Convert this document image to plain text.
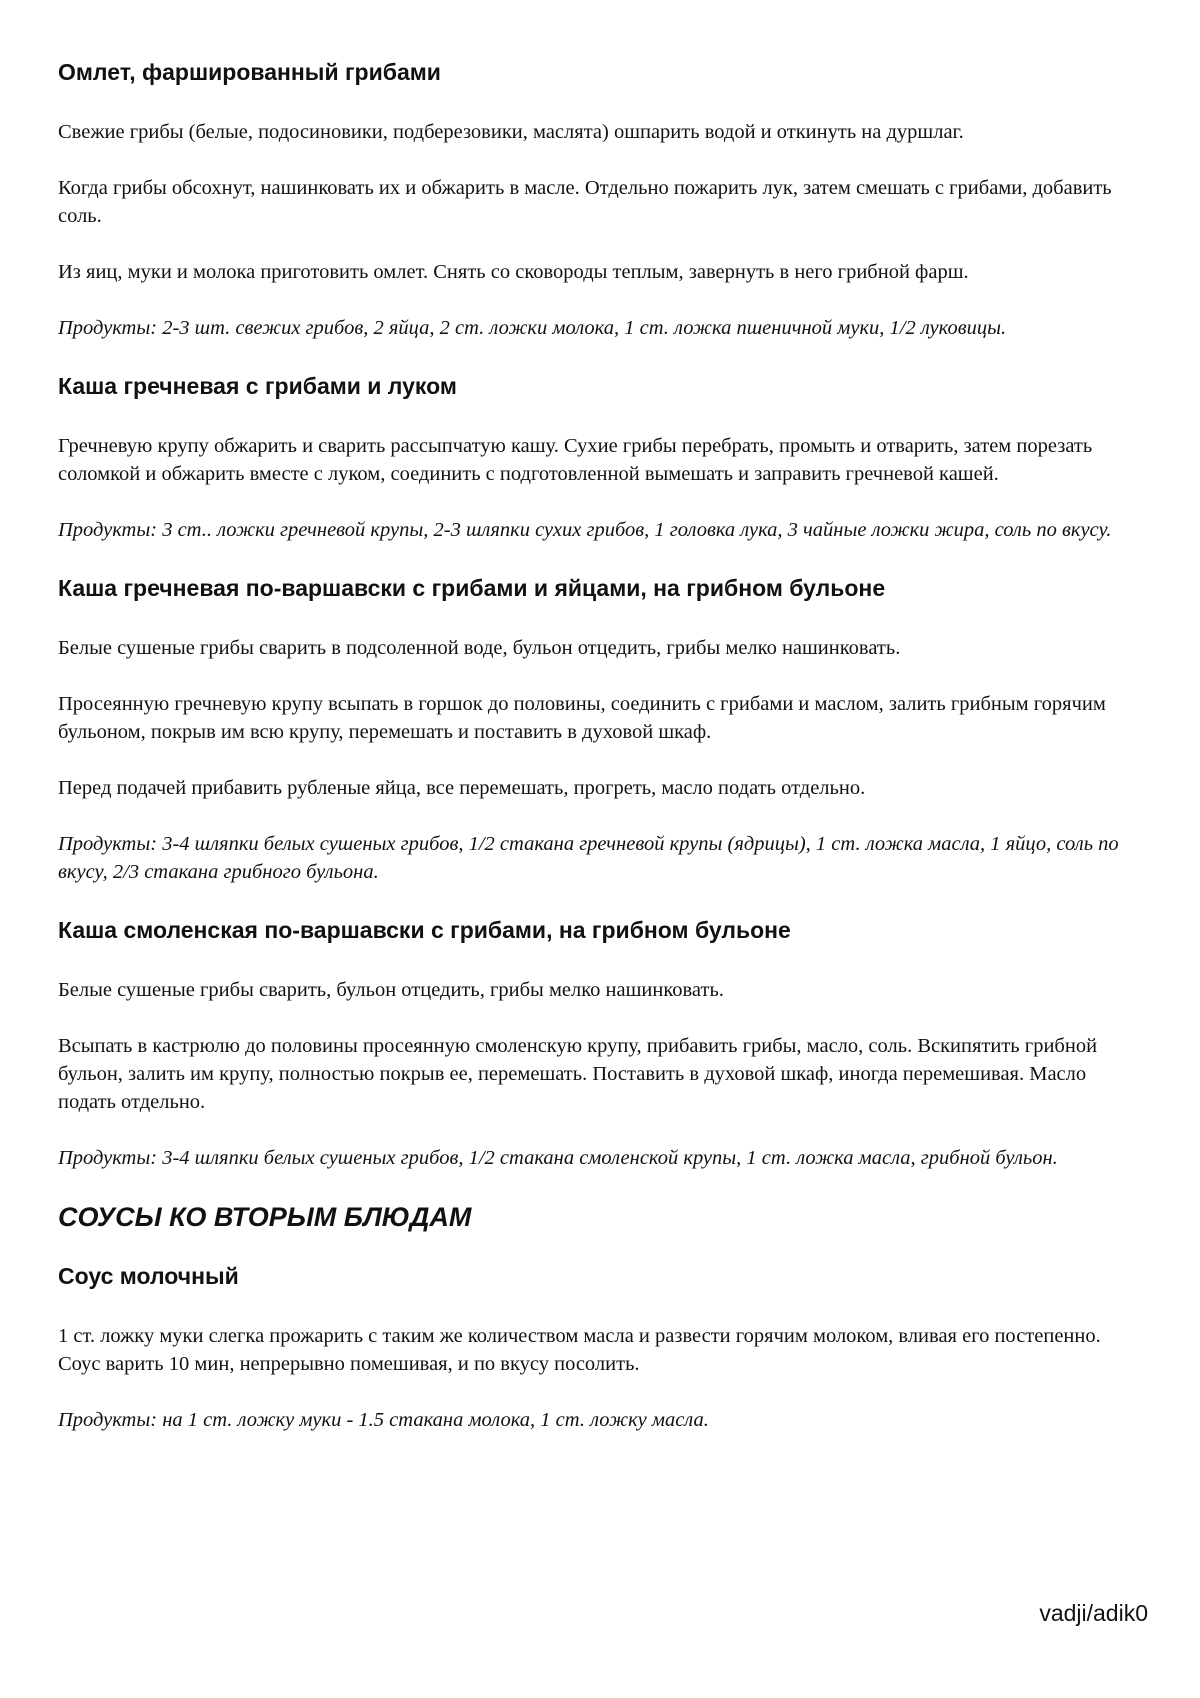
Омлет, фаршированный грибами

Свежие грибы (белые, подосиновики, подберезовики, маслята) ошпарить водой и откинуть на дуршлаг.

Когда грибы обсохнут, нашинковать их и обжарить в масле. Отдельно пожарить лук, затем смешать с грибами, добавить соль.

Из яиц, муки и молока приготовить омлет. Снять со сковороды теплым, завернуть в него грибной фарш.

Продукты: 2-3 шт. свежих грибов, 2 яйца, 2 ст. ложки молока, 1 ст. ложка пшеничной муки, 1/2 луковицы.

Каша гречневая с грибами и луком

Гречневую крупу обжарить и сварить рассыпчатую кашу. Сухие грибы перебрать, промыть и отварить, затем порезать соломкой и обжарить вместе с луком, соединить с подготовленной вымешать и заправить гречневой кашей.

Продукты: 3 ст.. ложки гречневой крупы, 2-3 шляпки сухих грибов, 1 головка лука, 3 чайные ложки жира, соль по вкусу.

Каша гречневая по-варшавски с грибами и яйцами, на грибном бульоне

Белые сушеные грибы сварить в подсоленной воде, бульон отцедить, грибы мелко нашинковать.

Просеянную гречневую крупу всыпать в горшок до половины, соединить с грибами и маслом, залить грибным горячим бульоном, покрыв им всю крупу, перемешать и поставить в духовой шкаф.

Перед подачей прибавить рубленые яйца, все перемешать, прогреть, масло подать отдельно.

Продукты: 3-4 шляпки белых сушеных грибов, 1/2 стакана гречневой крупы (ядрицы), 1 ст. ложка масла, 1 яйцо, соль по вкусу, 2/3 стакана грибного бульона.

Каша смоленская по-варшавски с грибами, на грибном бульоне

Белые сушеные грибы сварить, бульон отцедить, грибы мелко нашинковать.

Всыпать в кастрюлю до половины просеянную смоленскую крупу, прибавить грибы, масло, соль. Вскипятить грибной бульон, залить им крупу, полностью покрыв ее, перемешать. Поставить в духовой шкаф, иногда перемешивая. Масло подать отдельно.

Продукты: 3-4 шляпки белых сушеных грибов, 1/2 стакана смоленской крупы, 1 ст. ложка масла, грибной бульон.

СОУСЫ КО ВТОРЫМ БЛЮДАМ
Соус молочный

1 ст. ложку муки слегка прожарить с таким же количеством масла и развести горячим молоком, вливая его постепенно. Соус варить 10 мин, непрерывно помешивая, и по вкусу посолить.

Продукты: на 1 ст. ложку муки - 1.5 стакана молока, 1 ст. ложку масла.

vadji/adik0
